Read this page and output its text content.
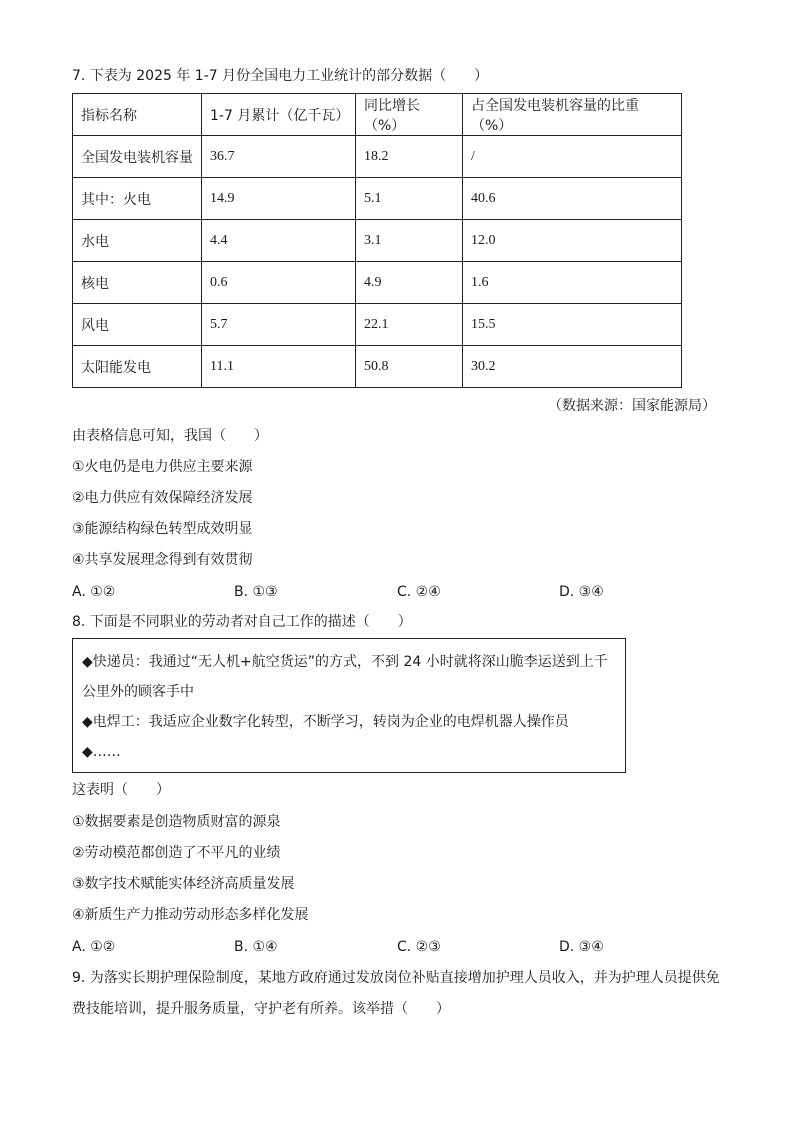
7. 下表为 2025 年 1-7 月份全国电力工业统计的部分数据（　　）
指标名称	1-7 月累计（亿千瓦）	同比增长（%）	占全国发电装机容量的比重（%）
全国发电装机容量	36.7	18.2	/
其中：火电	14.9	5.1	40.6
水电	4.4	3.1	12.0
核电	0.6	4.9	1.6
风电	5.7	22.1	15.5
太阳能发电	11.1	50.8	30.2
（数据来源：国家能源局）
由表格信息可知，我国（　　）
①火电仍是电力供应主要来源
②电力供应有效保障经济发展
③能源结构绿色转型成效明显
④共享发展理念得到有效贯彻
A. ①②	B. ①③	C. ②④	D. ③④
8. 下面是不同职业的劳动者对自己工作的描述（　　）
◆快递员：我通过“无人机+航空货运”的方式，不到 24 小时就将深山脆李运送到上千
公里外的顾客手中
◆电焊工：我适应企业数字化转型，不断学习，转岗为企业的电焊机器人操作员
◆……
这表明（　　）
①数据要素是创造物质财富的源泉
②劳动模范都创造了不平凡的业绩
③数字技术赋能实体经济高质量发展
④新质生产力推动劳动形态多样化发展
A. ①②	B. ①④	C. ②③	D. ③④
9. 为落实长期护理保险制度，某地方政府通过发放岗位补贴直接增加护理人员收入，并为护理人员提供免
费技能培训，提升服务质量，守护老有所养。该举措（　　）
